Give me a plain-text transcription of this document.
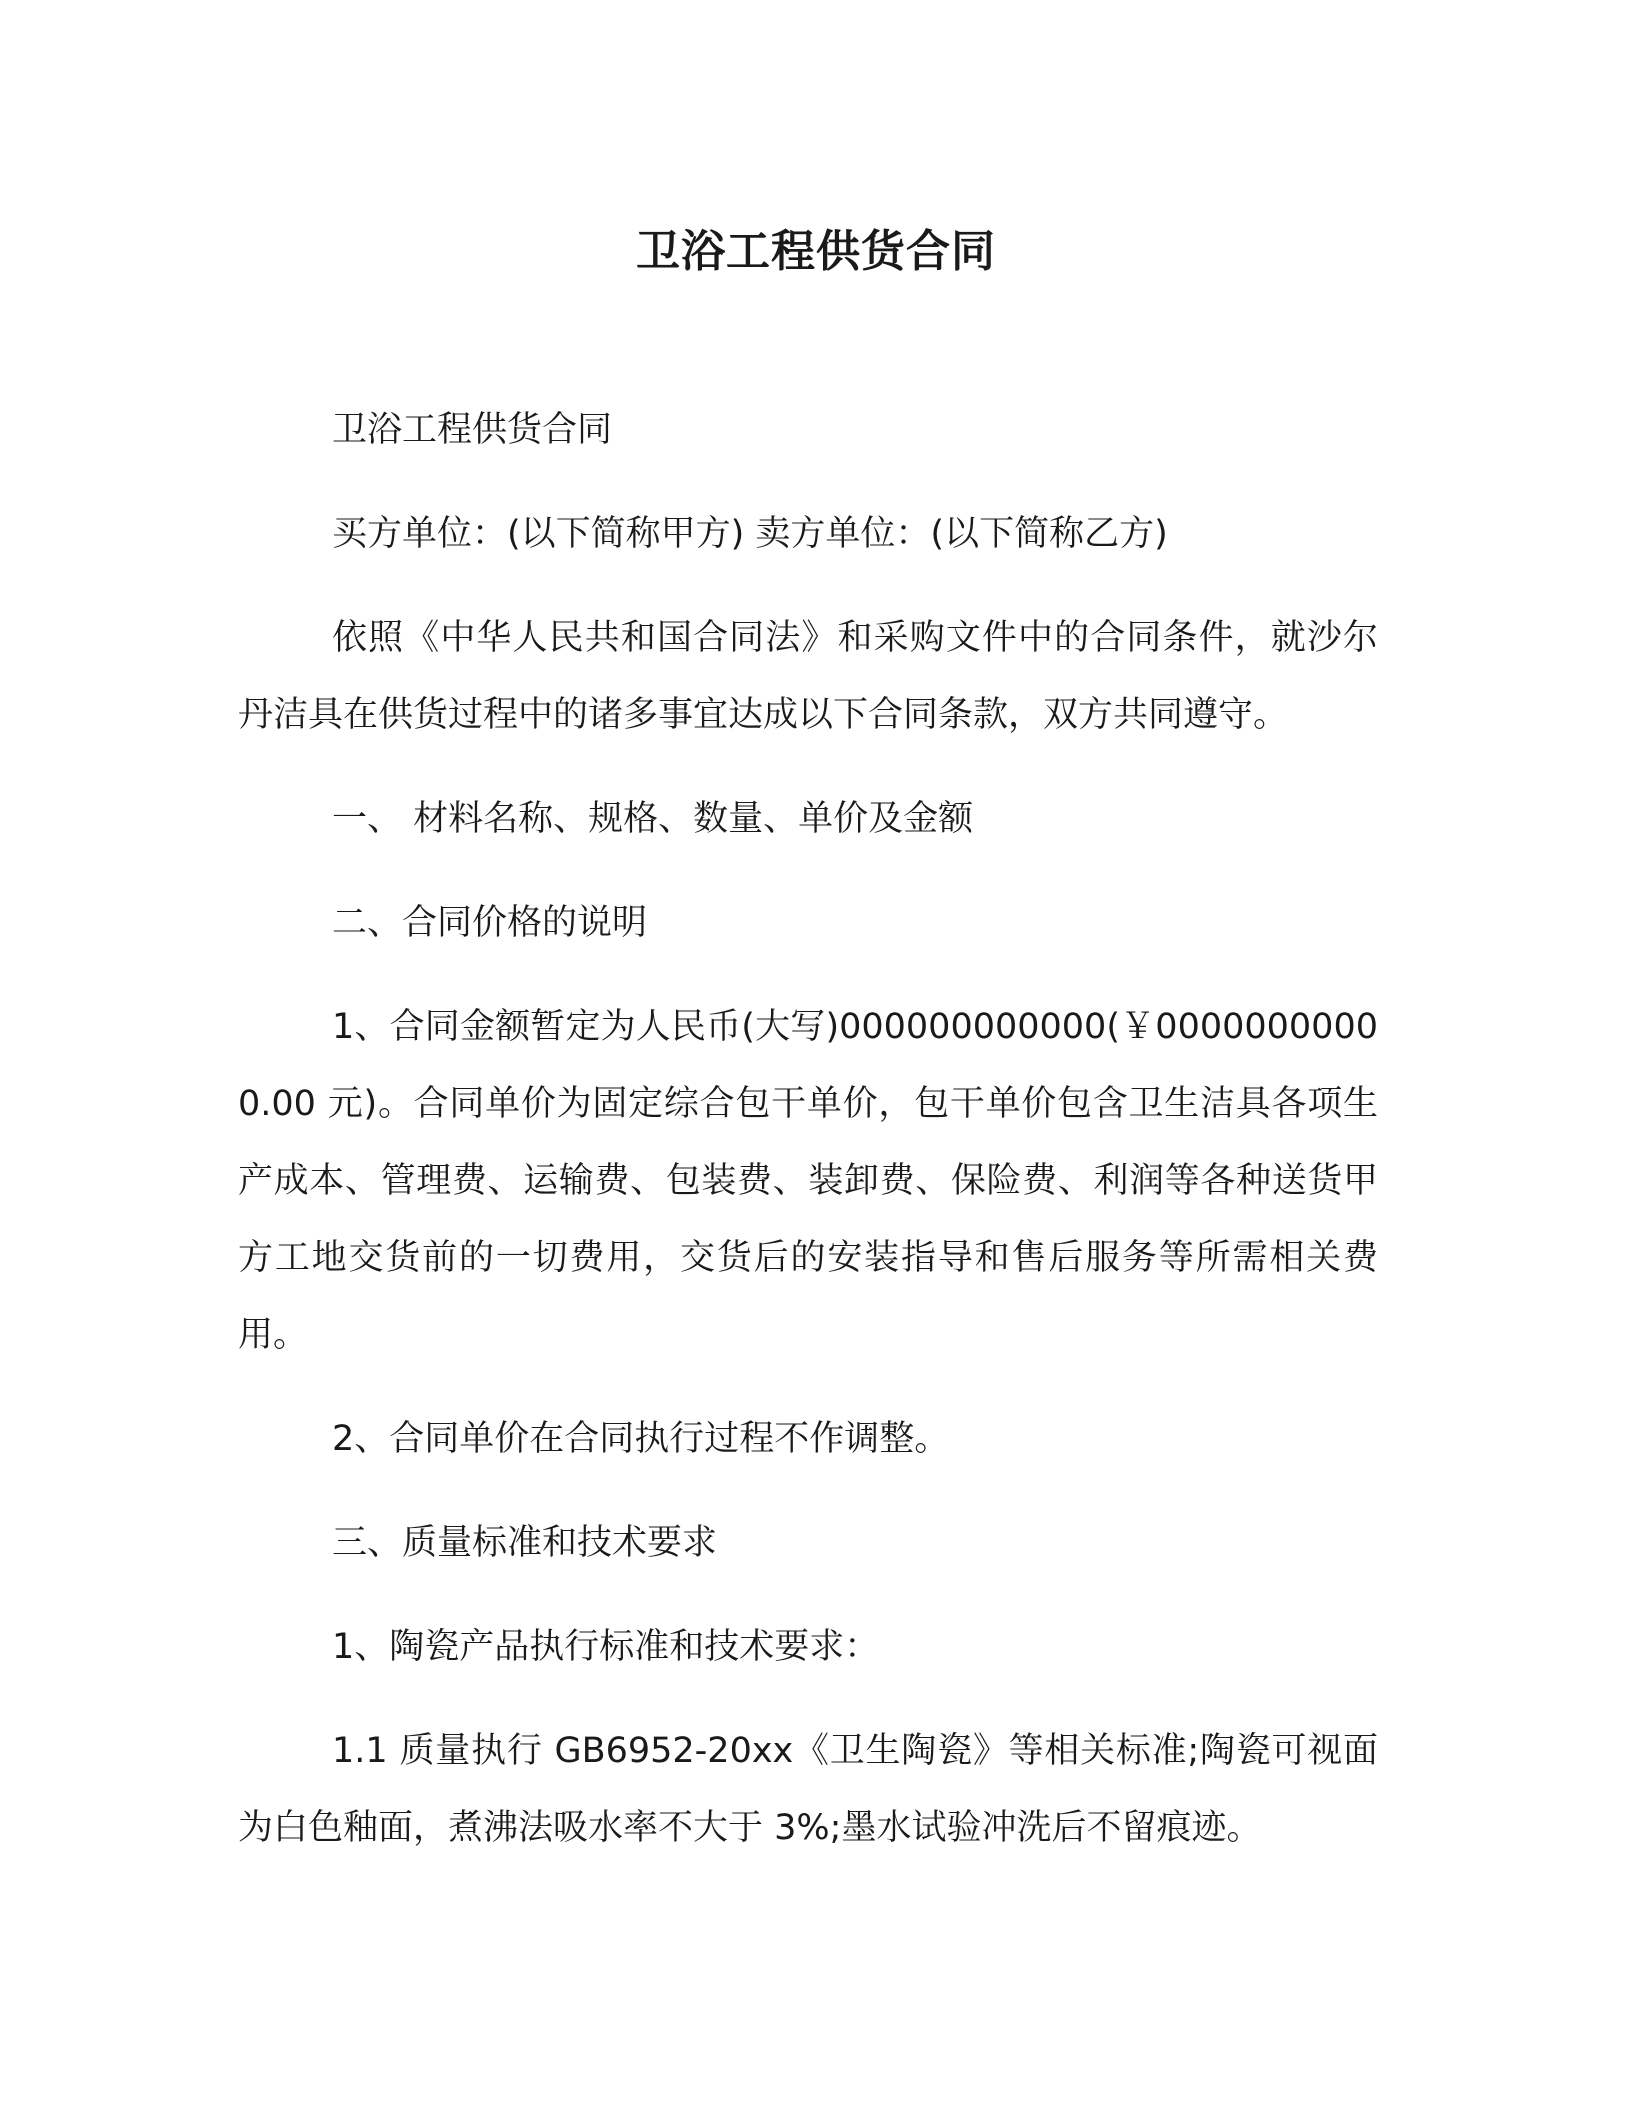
卫浴工程供货合同

卫浴工程供货合同

买方单位：(以下简称甲方) 卖方单位：(以下简称乙方)

依照《中华人民共和国合同法》和采购文件中的合同条件，就沙尔丹洁具在供货过程中的诸多事宜达成以下合同条款，双方共同遵守。

一、 材料名称、规格、数量、单价及金额

二、合同价格的说明

1、合同金额暂定为人民币(大写)000000000000(￥00000000000.00 元)。合同单价为固定综合包干单价，包干单价包含卫生洁具各项生产成本、管理费、运输费、包装费、装卸费、保险费、利润等各种送货甲方工地交货前的一切费用，交货后的安装指导和售后服务等所需相关费用。

2、合同单价在合同执行过程不作调整。

三、质量标准和技术要求

1、陶瓷产品执行标准和技术要求：

1.1 质量执行 GB6952-20xx《卫生陶瓷》等相关标准;陶瓷可视面为白色釉面，煮沸法吸水率不大于 3%;墨水试验冲洗后不留痕迹。
